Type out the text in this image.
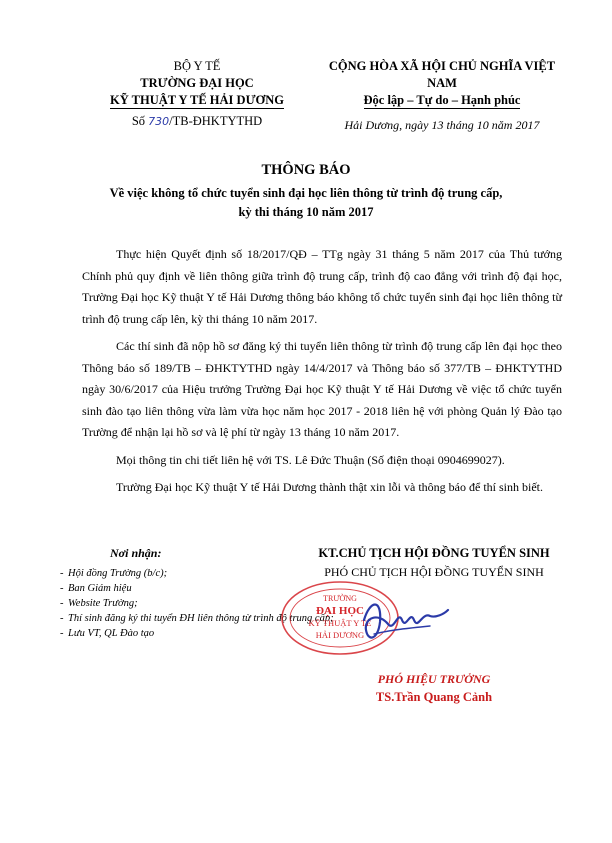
BỘ Y TẾ
TRƯỜNG ĐẠI HỌC
KỸ THUẬT Y TẾ HẢI DƯƠNG
Số 730/TB-ĐHKTYTHD
CỘNG HÒA XÃ HỘI CHỦ NGHĨA VIỆT NAM
Độc lập – Tự do – Hạnh phúc
Hải Dương, ngày 13 tháng 10 năm 2017
THÔNG BÁO
Về việc không tổ chức tuyển sinh đại học liên thông từ trình độ trung cấp,
kỳ thi tháng 10 năm 2017

Thực hiện Quyết định số 18/2017/QĐ – TTg ngày 31 tháng 5 năm 2017 của Thủ tướng Chính phủ quy định về liên thông giữa trình độ trung cấp, trình độ cao đẳng với trình độ đại học, Trường Đại học Kỹ thuật Y tế Hải Dương thông báo không tổ chức tuyển sinh đại học liên thông từ trình độ trung cấp lên, kỳ thi tháng 10 năm 2017.

Các thí sinh đã nộp hồ sơ đăng ký thi tuyển liên thông từ trình độ trung cấp lên đại học theo Thông báo số 189/TB – ĐHKTYTHD ngày 14/4/2017 và Thông báo số 377/TB – ĐHKTYTHD ngày 30/6/2017 của Hiệu trưởng Trường Đại học Kỹ thuật Y tế Hải Dương về việc tổ chức tuyển sinh đào tạo liên thông vừa làm vừa học năm học 2017 - 2018 liên hệ với phòng Quản lý Đào tạo Trường để nhận lại hồ sơ và lệ phí từ ngày 13 tháng 10 năm 2017.

Mọi thông tin chi tiết liên hệ với TS. Lê Đức Thuận (Số điện thoại 0904699027).

Trường Đại học Kỹ thuật Y tế Hải Dương thành thật xin lỗi và thông báo để thí sinh biết.

Nơi nhận:
- Hội đồng Trường (b/c);
- Ban Giám hiệu
- Website Trường;
- Thí sinh đăng ký thi tuyển ĐH liên thông từ trình độ trung cấp;
- Lưu VT, QL Đào tạo
KT.CHỦ TỊCH HỘI ĐỒNG TUYỂN SINH
PHÓ CHỦ TỊCH HỘI ĐỒNG TUYỂN SINH
TRƯỜNG
ĐẠI HỌC
KỸ THUẬT Y TẾ
HẢI DƯƠNG
PHÓ HIỆU TRƯỞNG
TS.Trần Quang Cảnh
